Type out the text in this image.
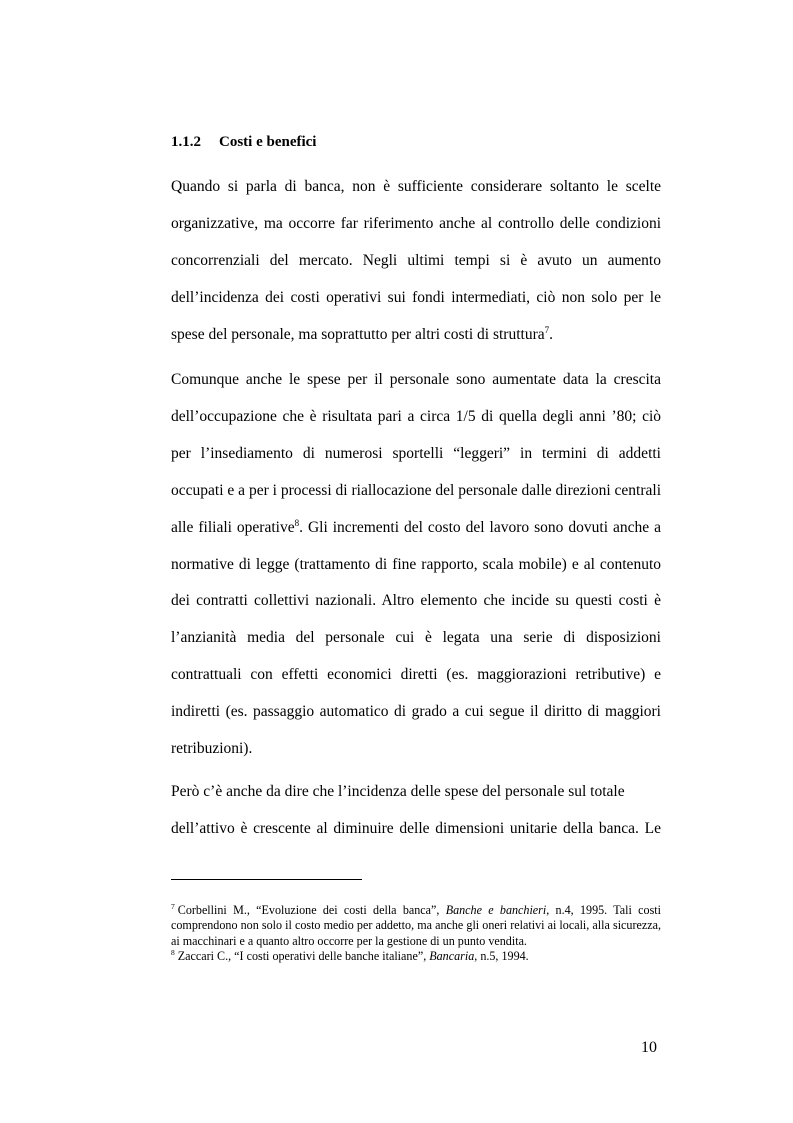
1.1.2 Costi e benefici
Quando si parla di banca, non è sufficiente considerare soltanto le scelte organizzative, ma occorre far riferimento anche al controllo delle condizioni concorrenziali del mercato. Negli ultimi tempi si è avuto un aumento dell’incidenza dei costi operativi sui fondi intermediati, ciò non solo per le spese del personale, ma soprattutto per altri costi di struttura$^7$.
Comunque anche le spese per il personale sono aumentate data la crescita dell’occupazione che è risultata pari a circa 1/5 di quella degli anni ’80; ciò per l’insediamento di numerosi sportelli “leggeri” in termini di addetti occupati e a per i processi di riallocazione del personale dalle direzioni centrali alle filiali operative$^8$. Gli incrementi del costo del lavoro sono dovuti anche a normative di legge (trattamento di fine rapporto, scala mobile) e al contenuto dei contratti collettivi nazionali. Altro elemento che incide su questi costi è l’anzianità media del personale cui è legata una serie di disposizioni contrattuali con effetti economici diretti (es. maggiorazioni retributive) e indiretti (es. passaggio automatico di grado a cui segue il diritto di maggiori retribuzioni).
Però c’è anche da dire che l’incidenza delle spese del personale sul totale
dell’attivo è crescente al diminuire delle dimensioni unitarie della banca. Le
$^7$ Corbellini M., “Evoluzione dei costi della banca”, Banche e banchieri, n.4, 1995. Tali costi comprendono non solo il costo medio per addetto, ma anche gli oneri relativi ai locali, alla sicurezza, ai macchinari e a quanto altro occorre per la gestione di un punto vendita.
$^8$ Zaccari C., “I costi operativi delle banche italiane”, Bancaria, n.5, 1994.
10
